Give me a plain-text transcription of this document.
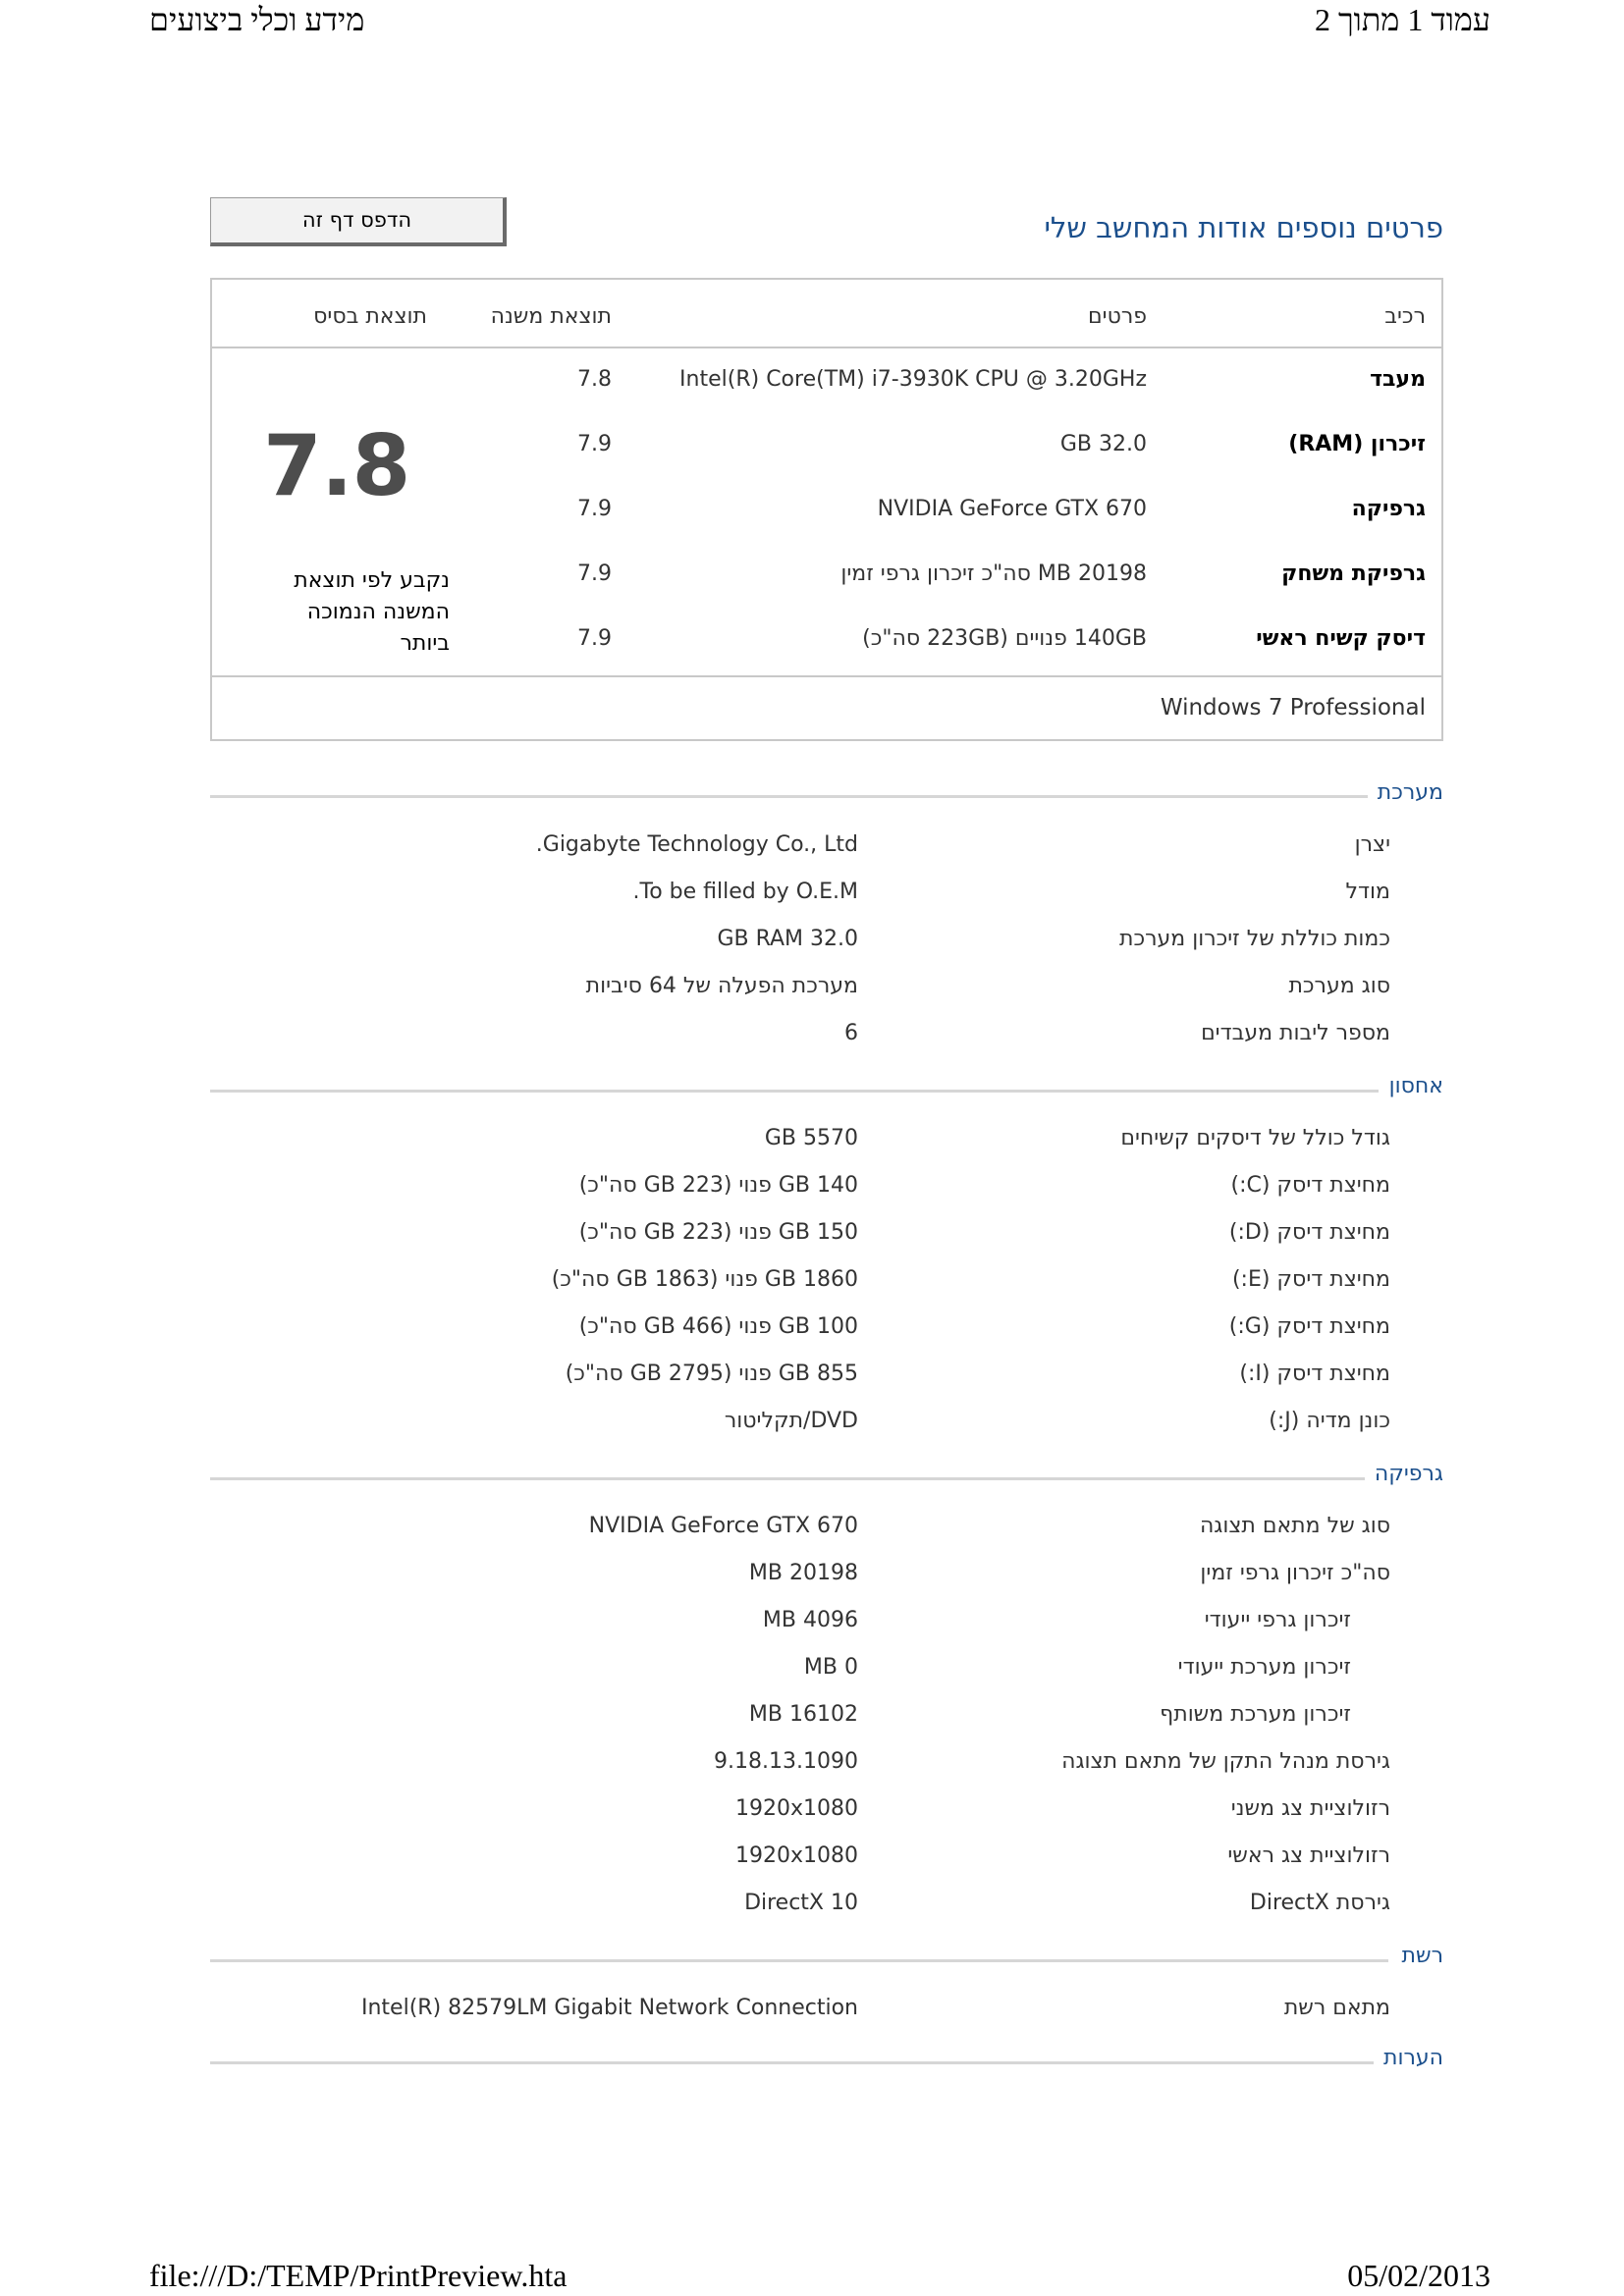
מידע וכלי ביצועים	עמוד 1 מתוך 2
פרטים נוספים אודות המחשב שלי
הדפס דף זה
רכיב
פרטים
תוצאת משנה
תוצאת בסיס
מעבד
Intel(R) Core(TM) i7-3930K CPU @ 3.20GHz
7.8
זיכרון (RAM)
32.0 GB
7.9
גרפיקה
NVIDIA GeForce GTX 670
7.9
גרפיקת משחק
20198 MB סה"כ זיכרון גרפי זמין
7.9
דיסק קשיח ראשי
140GB פנויים (223GB סה"כ)
7.9
7.8
נקבע לפי תוצאת המשנה הנמוכה ביותר
Windows 7 Professional
מערכת
יצרן
Gigabyte Technology Co., Ltd.
מודל
To be filled by O.E.M.
כמות כוללת של זיכרון מערכת
32.0 GB RAM
סוג מערכת
מערכת הפעלה של 64 סיביות
מספר ליבות מעבדים
6
אחסון
גודל כולל של דיסקים קשיחים
5570 GB
מחיצת דיסק (C:)
140 GB פנוי (223 GB סה"כ)
מחיצת דיסק (D:)
150 GB פנוי (223 GB סה"כ)
מחיצת דיסק (E:)
1860 GB פנוי (1863 GB סה"כ)
מחיצת דיסק (G:)
100 GB פנוי (466 GB סה"כ)
מחיצת דיסק (I:)
855 GB פנוי (2795 GB סה"כ)
כונן מדיה (J:)
DVD/תקליטור
גרפיקה
סוג של מתאם תצוגה
NVIDIA GeForce GTX 670
סה"כ זיכרון גרפי זמין
20198 MB
זיכרון גרפי ייעודי
4096 MB
זיכרון מערכת ייעודי
0 MB
זיכרון מערכת משותף
16102 MB
גירסת מנהל התקן של מתאם תצוגה
9.18.13.1090
רזולוציית צג משני
1920x1080
רזולוציית צג ראשי
1920x1080
גירסת DirectX
DirectX 10
רשת
מתאם רשת
Intel(R) 82579LM Gigabit Network Connection
הערות
file:///D:/TEMP/PrintPreview.hta	05/02/2013
